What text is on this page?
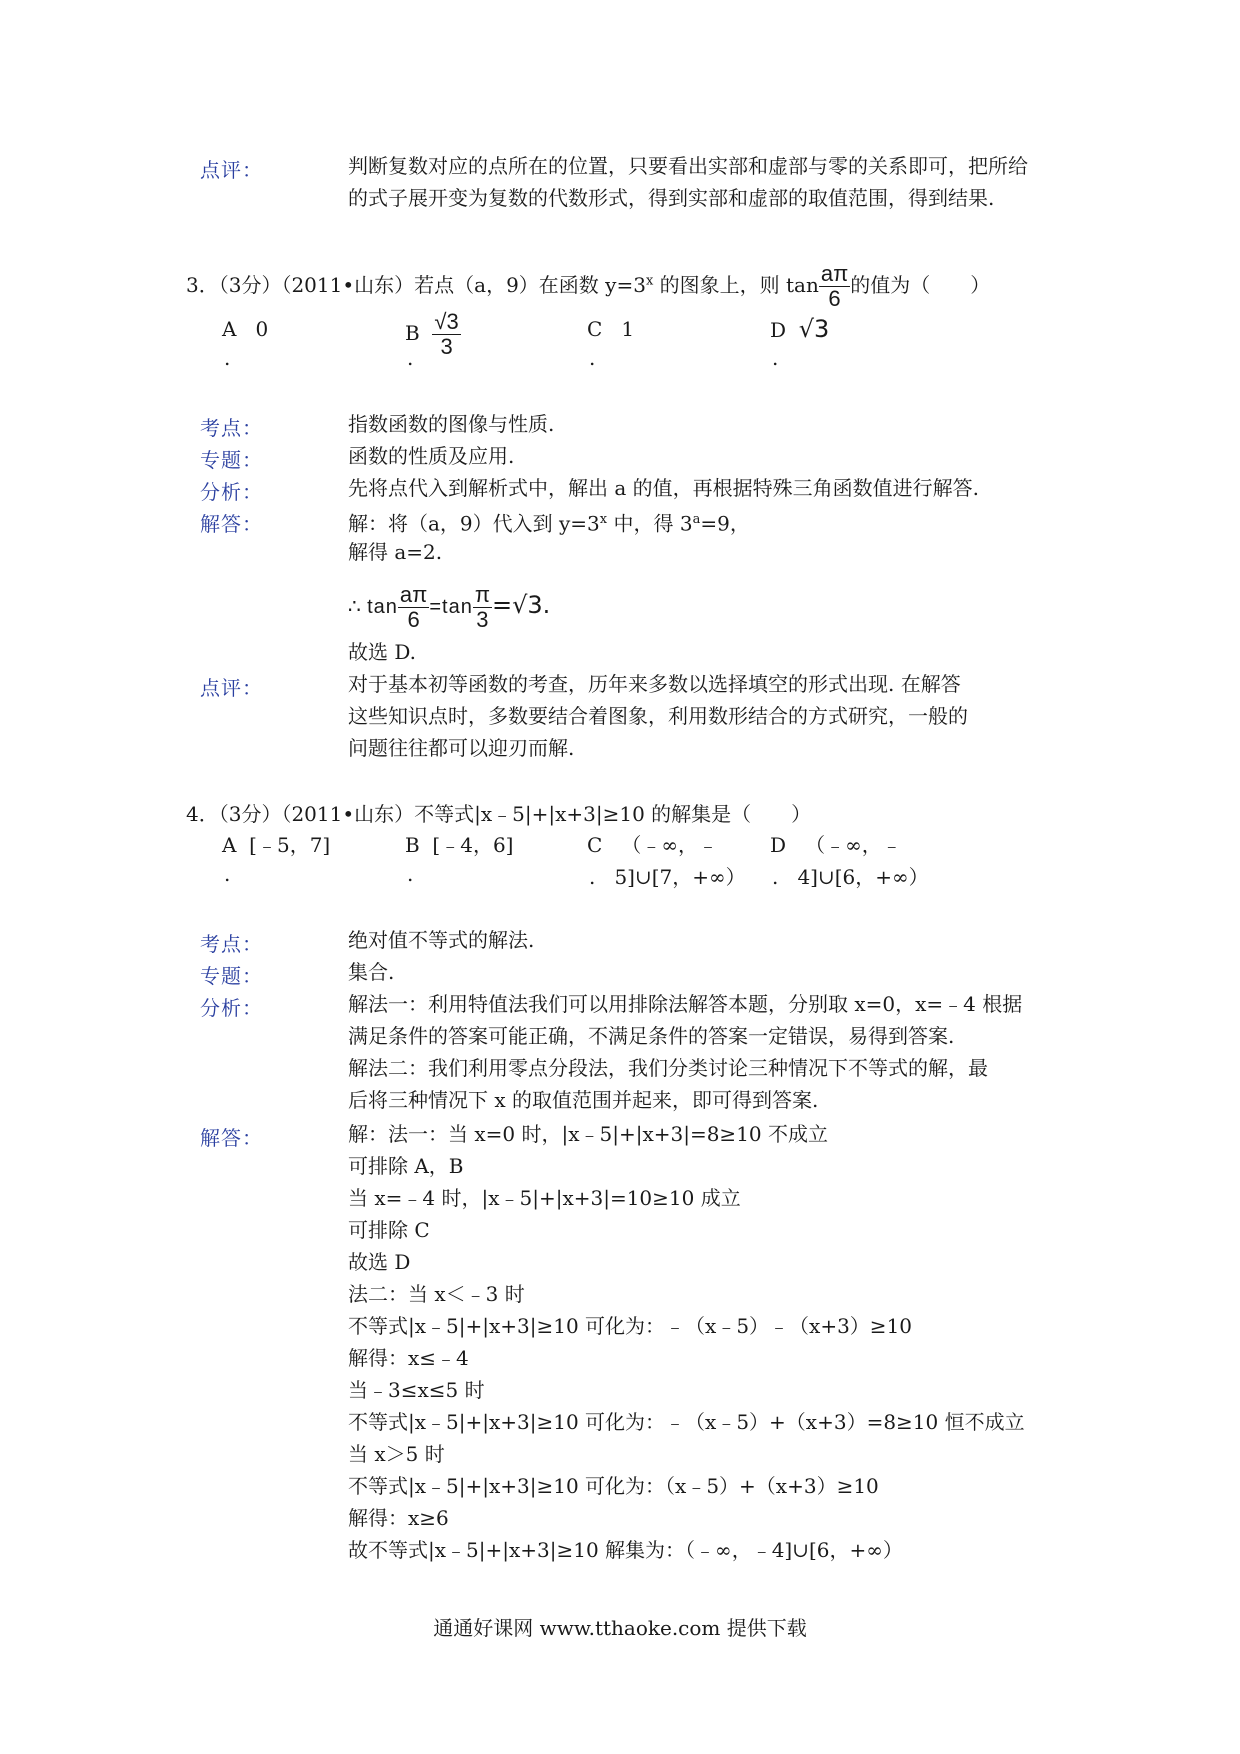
点评：	判断复数对应的点所在的位置，只要看出实部和虚部与零的关系即可，把所给
的式子展开变为复数的代数形式，得到实部和虚部的取值范围，得到结果.
3．（3分）（2011•山东）若点（a，9）在函数 $y=3^x$ 的图象上，则 $\tan \frac{a\pi}{6}$ 的值为（　　）
A 0
.
B $\frac{√3}{3}$
.
C 1
.
D √3
.
考点：	指数函数的图像与性质.
专题：	函数的性质及应用.
分析：	先将点代入到解析式中，解出 a 的值，再根据特殊三角函数值进行解答.
解答：	解：将（a，9）代入到 $y=3^x$ 中，得 $3^a=9$，
解得 a=2.
∴ $\tan \frac{a\pi}{6} =\tan \frac{\pi}{3} =√3$.
故选 D.
点评：	对于基本初等函数的考查，历年来多数以选择填空的形式出现. 在解答
这些知识点时，多数要结合着图象，利用数形结合的方式研究，一般的
问题往往都可以迎刃而解.
4．（3分）（2011•山东）不等式|x﹣5|+|x+3|≥10 的解集是（　　）
A [﹣5，7]
.
B [﹣4，6]
.
C （﹣∞，﹣
. 5]∪[7，+∞）
D （﹣∞，﹣
. 4]∪[6，+∞）
考点：	绝对值不等式的解法.
专题：	集合.
分析：	解法一：利用特值法我们可以用排除法解答本题，分别取 x=0，x=﹣4 根据
满足条件的答案可能正确，不满足条件的答案一定错误，易得到答案.
解法二：我们利用零点分段法，我们分类讨论三种情况下不等式的解，最
后将三种情况下 x 的取值范围并起来，即可得到答案.
解答：	解：法一：当 x=0 时，|x﹣5|+|x+3|=8≥10 不成立
可排除 A，B
当 x=﹣4 时，|x﹣5|+|x+3|=10≥10 成立
可排除 C
故选 D
法二：当 x＜﹣3 时
不等式|x﹣5|+|x+3|≥10 可化为：﹣（x﹣5）﹣（x+3）≥10
解得：x≤﹣4
当﹣3≤x≤5 时
不等式|x﹣5|+|x+3|≥10 可化为：﹣（x﹣5）+（x+3）=8≥10 恒不成立
当 x＞5 时
不等式|x﹣5|+|x+3|≥10 可化为：（x﹣5）+（x+3）≥10
解得：x≥6
故不等式|x﹣5|+|x+3|≥10 解集为：（﹣∞，﹣4]∪[6，+∞）
通通好课网 www.tthaoke.com 提供下载
